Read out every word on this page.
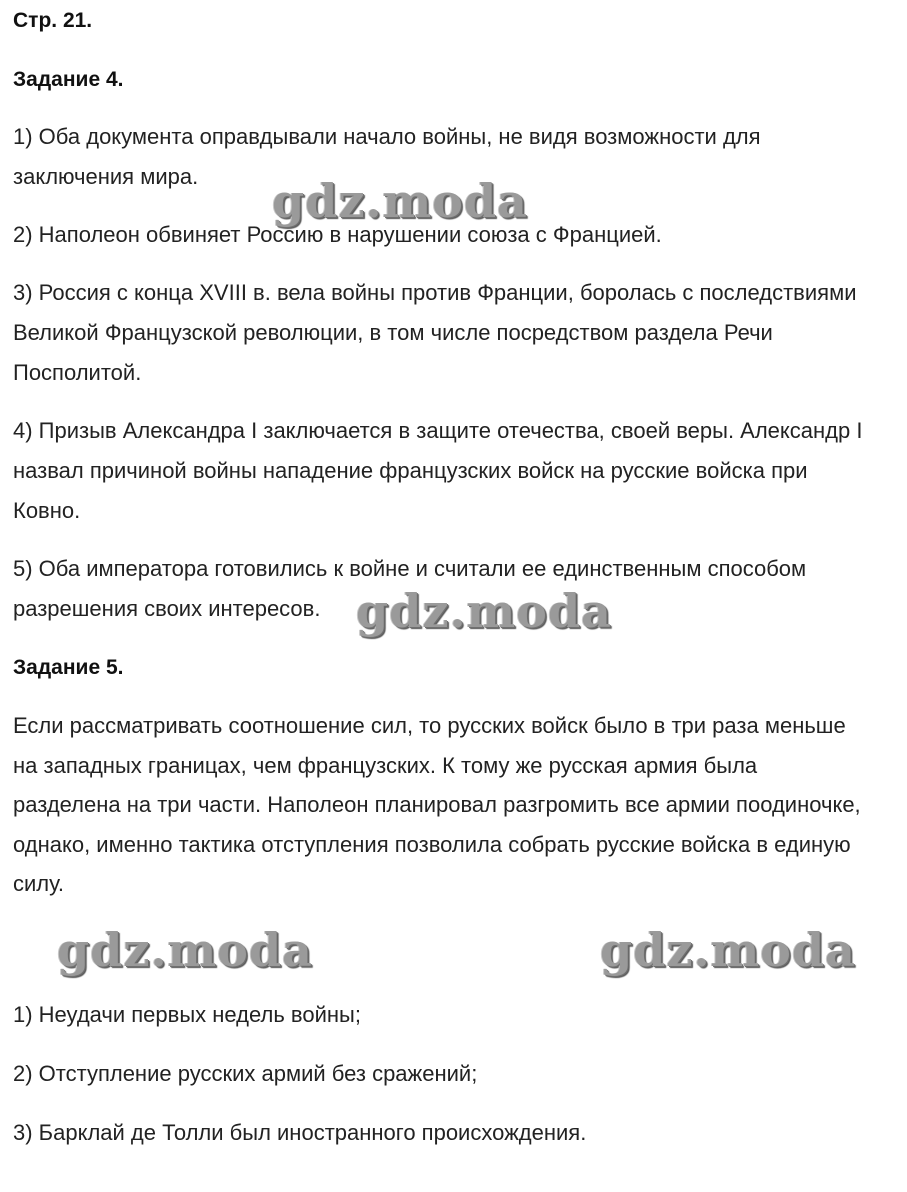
Стр. 21.
Задание 4.
1) Оба документа оправдывали начало войны, не видя возможности для
заключения мира.
2) Наполеон обвиняет Россию в нарушении союза с Францией.
3) Россия с конца XVIII в. вела войны против Франции, боролась с последствиями
Великой Французской революции, в том числе посредством раздела Речи
Посполитой.
4) Призыв Александра I заключается в защите отечества, своей веры. Александр I
назвал причиной войны нападение французских войск на русские войска при
Ковно.
5) Оба императора готовились к войне и считали ее единственным способом
разрешения своих интересов.
Задание 5.
Если рассматривать соотношение сил, то русских войск было в три раза меньше
на западных границах, чем французских. К тому же русская армия была
разделена на три части. Наполеон планировал разгромить все армии поодиночке,
однако, именно тактика отступления позволила собрать русские войска в единую
силу.
1) Неудачи первых недель войны;
2) Отступление русских армий без сражений;
3) Барклай де Толли был иностранного происхождения.
gdz.moda
gdz.moda
gdz.moda	gdz.moda
